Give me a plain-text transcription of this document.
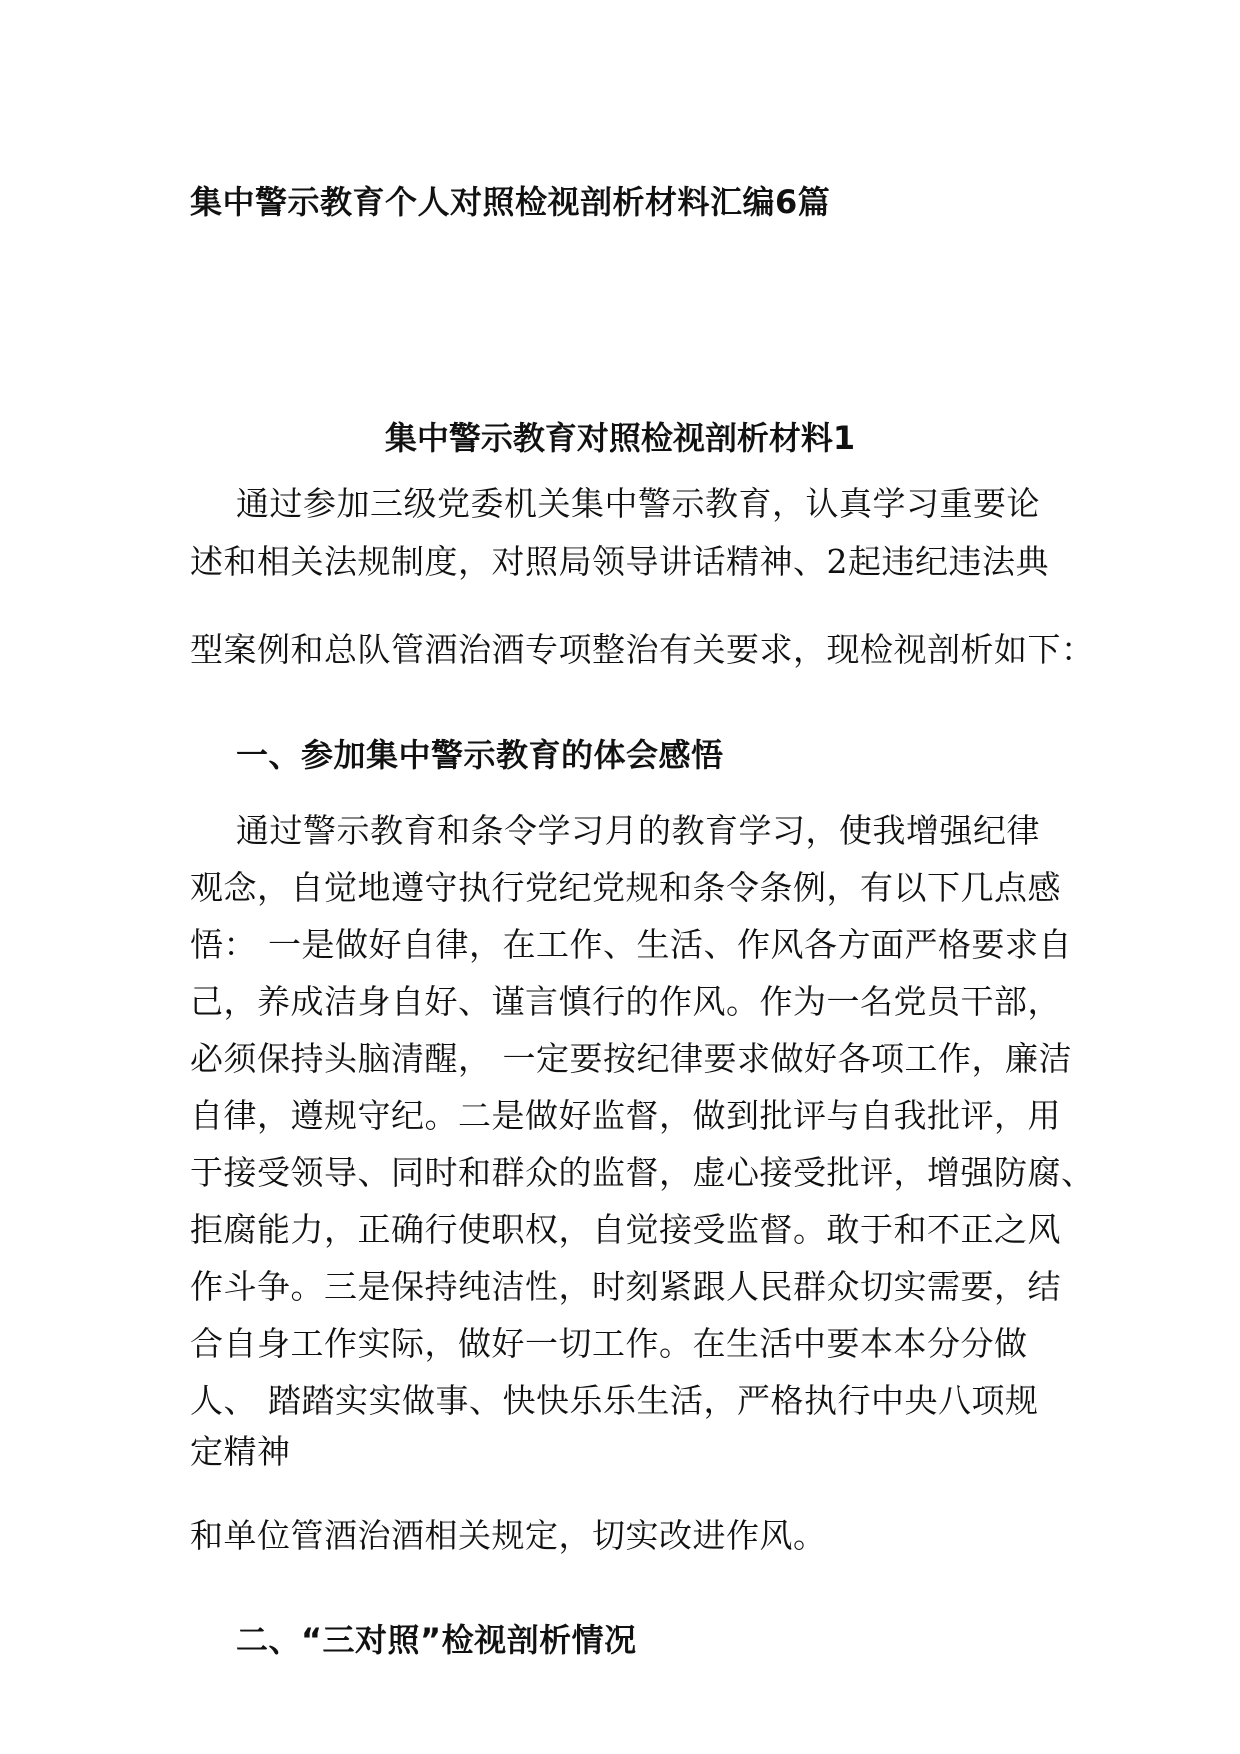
集中警示教育个人对照检视剖析材料汇编6篇
集中警示教育对照检视剖析材料1
通过参加三级党委机关集中警示教育，认真学习重要论
述和相关法规制度，对照局领导讲话精神、2起违纪违法典
型案例和总队管酒治酒专项整治有关要求，现检视剖析如下：
一、参加集中警示教育的体会感悟
通过警示教育和条令学习月的教育学习，使我增强纪律
观念，自觉地遵守执行党纪党规和条令条例，有以下几点感
悟： 一是做好自律，在工作、生活、作风各方面严格要求自
己，养成洁身自好、谨言慎行的作风。作为一名党员干部，
必须保持头脑清醒， 一定要按纪律要求做好各项工作，廉洁
自律，遵规守纪。二是做好监督，做到批评与自我批评，用
于接受领导、同时和群众的监督，虚心接受批评，增强防腐、
拒腐能力，正确行使职权，自觉接受监督。敢于和不正之风
作斗争。三是保持纯洁性，时刻紧跟人民群众切实需要，结
合自身工作实际，做好一切工作。在生活中要本本分分做
人、 踏踏实实做事、快快乐乐生活，严格执行中央八项规
定精神
和单位管酒治酒相关规定，切实改进作风。
二、“三对照”检视剖析情况
